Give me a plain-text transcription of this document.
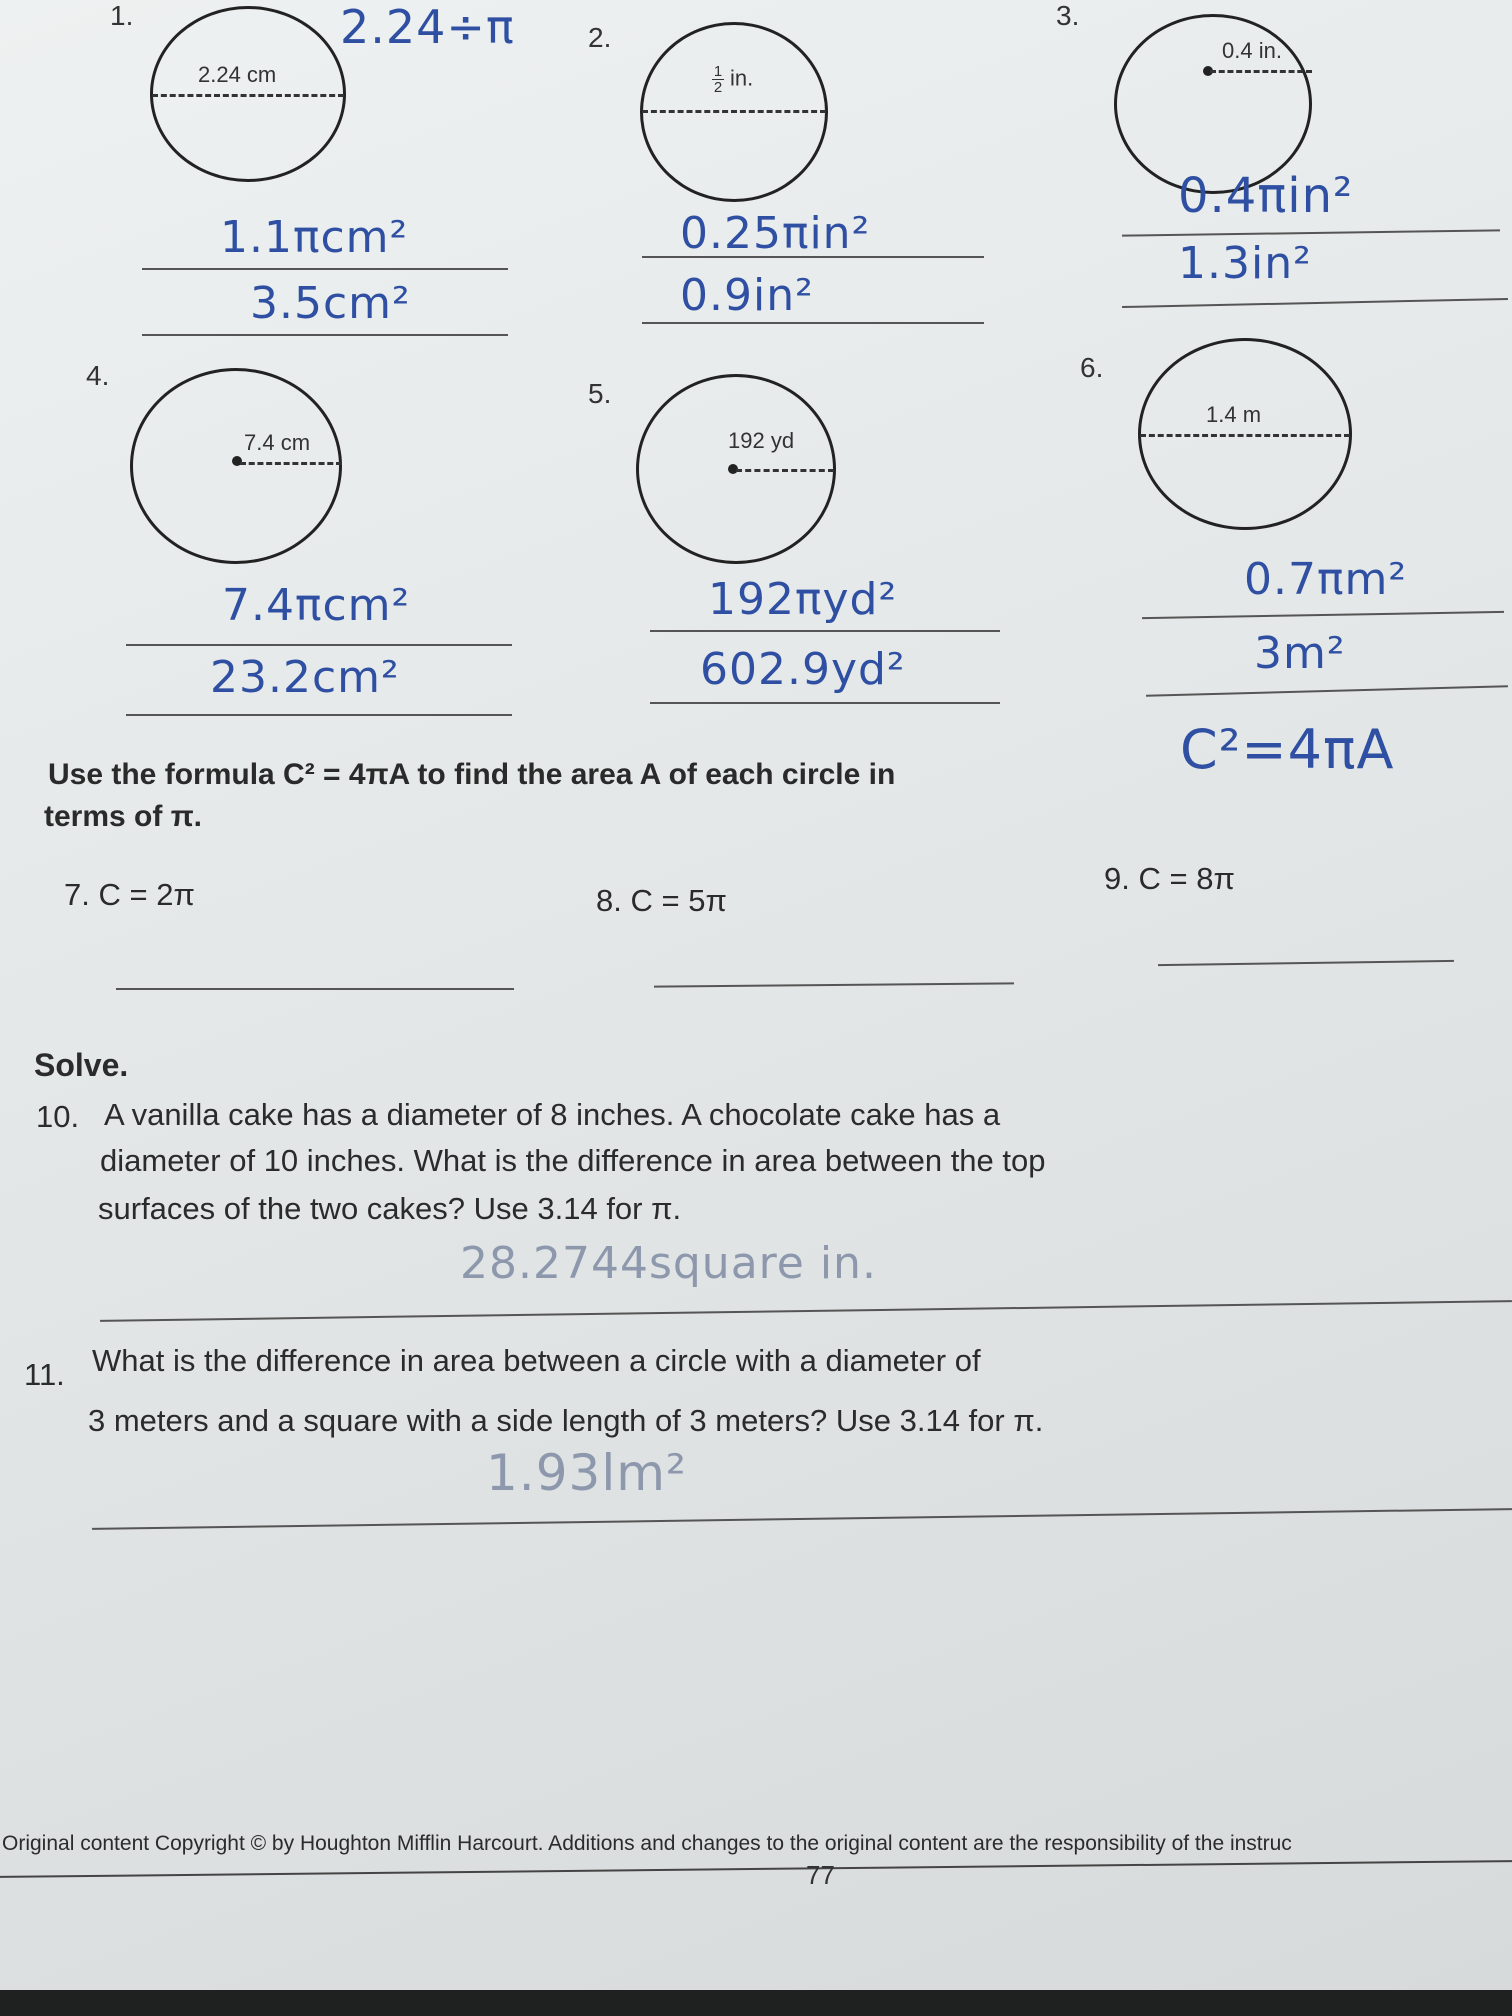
1.	2.24÷π
2.24 cm
1.1πcm²
3.5cm²
2.
$\frac{1}{2}$ in.
0.25πin²
0.9in²
3.
0.4 in.
0.4πin²
1.3in²
4.
7.4 cm
7.4πcm²
23.2cm²
5.
192 yd
192πyd²
602.9yd²
6.
1.4 m
0.7πm²
3m²
Use the formula C² = 4πA to find the area A of each circle in
terms of π.
C²=4πA
7. C = 2π	8. C = 5π
9. C = 8π
Solve.
10. A vanilla cake has a diameter of 8 inches. A chocolate cake has a
diameter of 10 inches. What is the difference in area between the top
surfaces of the two cakes? Use 3.14 for π.
28.2744square in.
11. What is the difference in area between a circle with a diameter of
3 meters and a square with a side length of 3 meters? Use 3.14 for π.
1.93lm²
Original content Copyright © by Houghton Mifflin Harcourt. Additions and changes to the original content are the responsibility of the instruc
77
